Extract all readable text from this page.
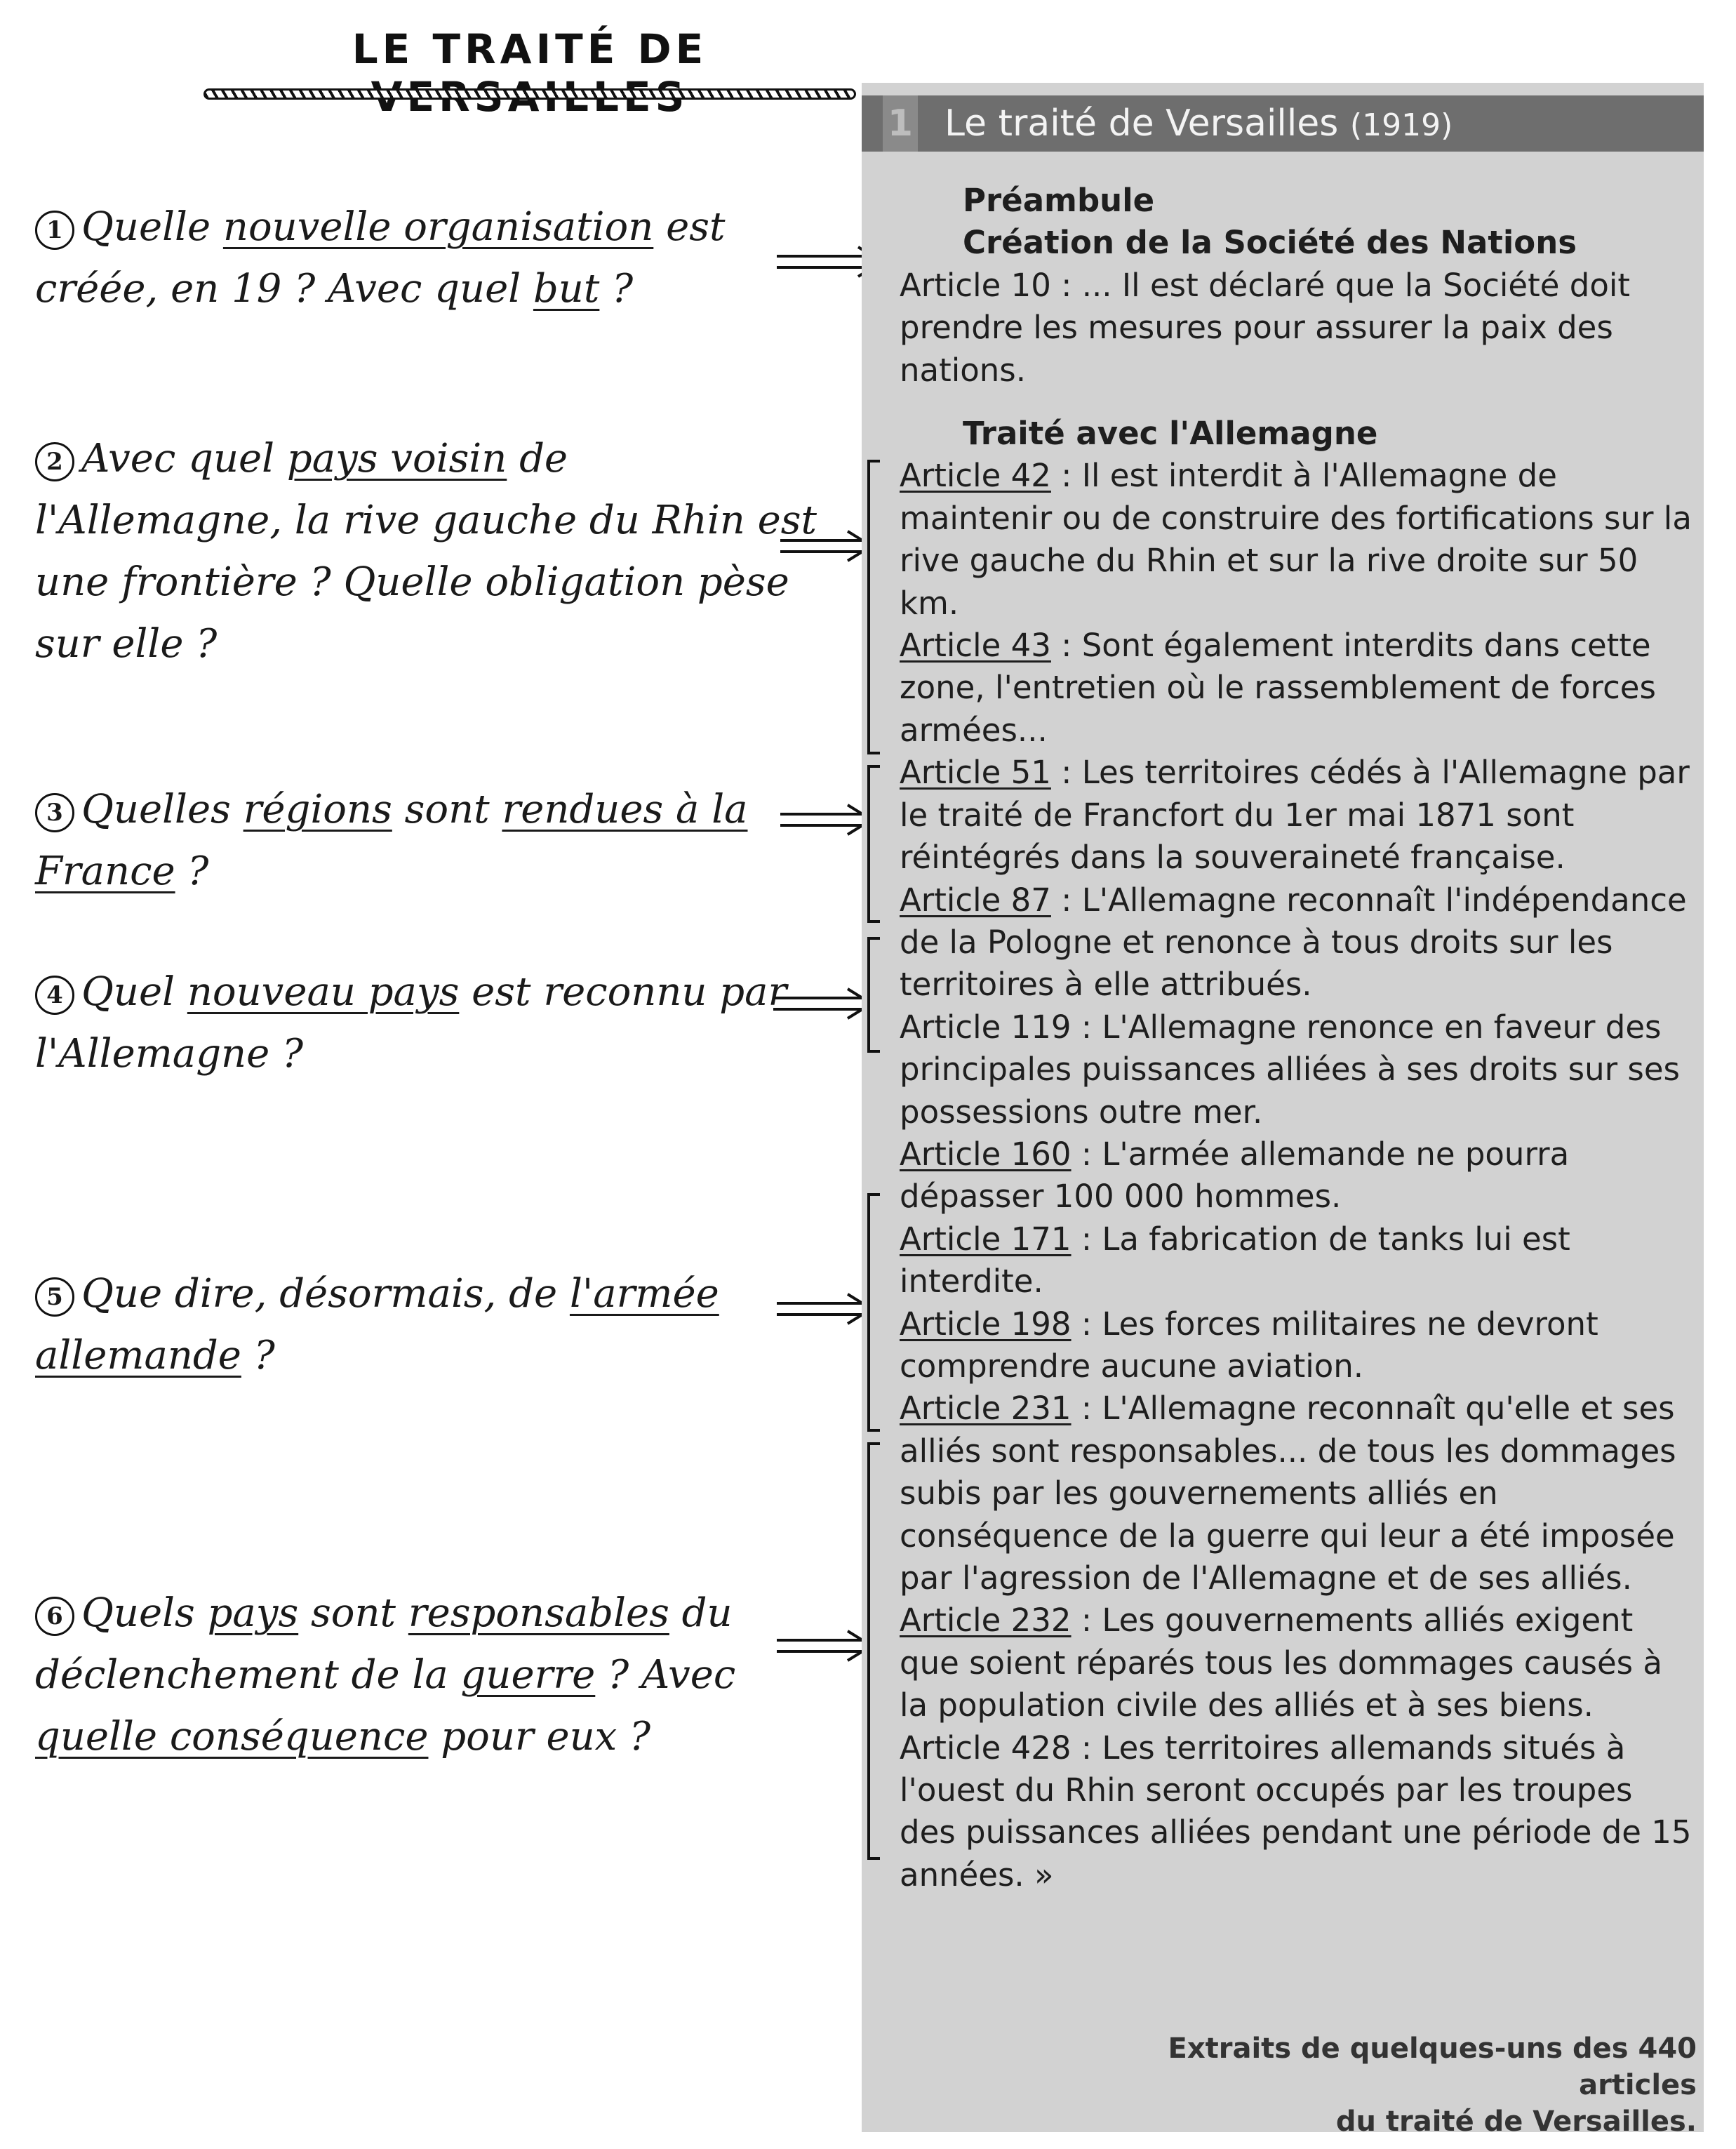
LE TRAITÉ DE
1 Quelle nouvelle organisation est créée, en 19 ? Avec quel but ?
2 Avec quel pays voisin de l'Allemagne, la rive gauche du Rhin est une frontière ? Quelle obligation pèse sur elle ?
3 Quelles régions sont rendues à la France ?
4 Quel nouveau pays est reconnu par l'Allemagne ?
5 Que dire, désormais, de l'armée allemande ?
6 Quels pays sont responsables du déclenchement de la guerre ? Avec quelle conséquence pour eux ?
1 Le traité de Versailles (1919)

Préambule

Création de la Société des Nations

Article 10 : ... Il est déclaré que la Société doit prendre les mesures pour assurer la paix des nations.

Traité avec l'Allemagne

Article 42 : Il est interdit à l'Allemagne de maintenir ou de construire des fortifications sur la rive gauche du Rhin et sur la rive droite sur 50 km.

Article 43 : Sont également interdits dans cette zone, l'entretien où le rassemblement de forces armées...

Article 51 : Les territoires cédés à l'Allemagne par le traité de Francfort du 1er mai 1871 sont réintégrés dans la souveraineté française.

Article 87 : L'Allemagne reconnaît l'indépendance de la Pologne et renonce à tous droits sur les territoires à elle attribués.

Article 119 : L'Allemagne renonce en faveur des principales puissances alliées à ses droits sur ses possessions outre mer.

Article 160 : L'armée allemande ne pourra dépasser 100 000 hommes.

Article 171 : La fabrication de tanks lui est interdite.

Article 198 : Les forces militaires ne devront comprendre aucune aviation.

Article 231 : L'Allemagne reconnaît qu'elle et ses alliés sont responsables... de tous les dommages subis par les gouvernements alliés en conséquence de la guerre qui leur a été imposée par l'agression de l'Allemagne et de ses alliés.

Article 232 : Les gouvernements alliés exigent que soient réparés tous les dommages causés à la population civile des alliés et à ses biens.

Article 428 : Les territoires allemands situés à l'ouest du Rhin seront occupés par les troupes des puissances alliées pendant une période de 15 années. »

Extraits de quelques-uns des 440 articles
du traité de Versailles.
